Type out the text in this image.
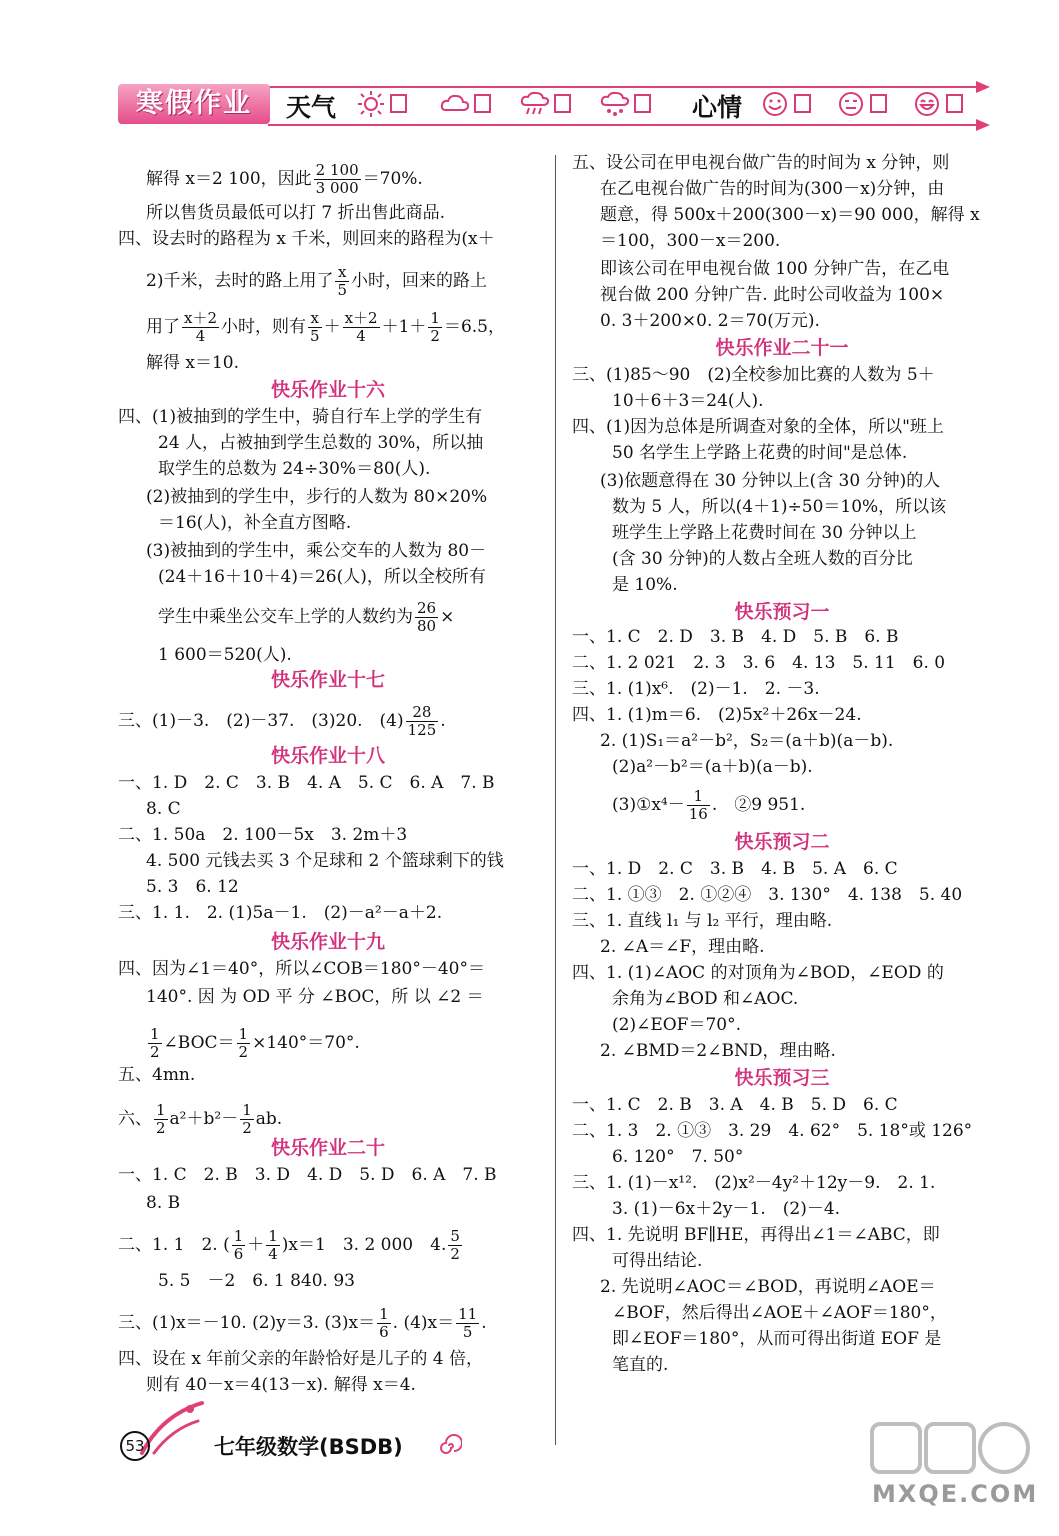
寒假作业	天气	心情
解得 x＝2 100，因此 $\frac{2 100}{3 000} =70\%$.
所以售货员最低可以打 7 折出售此商品.
四、设去时的路程为 x 千米，则回来的路程为(x＋
2)千米，去时的路上用了 $\frac{x}{5}$ 小时，回来的路上
用了 $\frac{x+2}{4}$ 小时，则有 $\frac{x}{5} + \frac{x+2}{4} +1+ \frac{1}{2} =6.5$，
解得 x＝10.
快乐作业十六
四、(1)被抽到的学生中，骑自行车上学的学生有
24 人，占被抽到学生总数的 30%，所以抽
取学生的总数为 24÷30%＝80(人).
(2)被抽到的学生中，步行的人数为 80×20%
＝16(人)，补全直方图略.
(3)被抽到的学生中，乘公交车的人数为 80－
(24＋16＋10＋4)＝26(人)，所以全校所有
学生中乘坐公交车上学的人数约为 $\frac{26}{80}$ ×
1 600＝520(人).
快乐作业十七
三、(1)－3.　(2)－37.　(3)20.　$(4) \frac{28}{125}$ .
快乐作业十八
一、1. D　2. C　3. B　4. A　5. C　6. A　7. B
8. C
二、1. 50a　2. 100－5x　3. 2m＋3
4. 500 元钱去买 3 个足球和 2 个篮球剩下的钱
5. 3　6. 12
三、1. 1.　2. (1)5a－1.　(2)－a²－a＋2.
快乐作业十九
四、因为∠1＝40°，所以∠COB＝180°－40°＝
140°. 因 为 OD 平 分 ∠BOC，所 以 ∠2 ＝
$\frac{1}{2}$ ∠BOC＝ $\frac{1}{2} \times 140^\circ=70^\circ$.
五、4mn.
六、 $\frac{1}{2} a^2+b^2- \frac{1}{2}$ ab.
快乐作业二十
一、1. C　2. B　3. D　4. D　5. D　6. A　7. B
8. B
二、1. 1　2. ( $\frac{1}{6} + \frac{1}{4} )x=1$　3. 2 000　4. $\frac{5}{2}$
5. 5　－2　6. 1 840. 93
三、(1)x＝－10. (2)y＝3. $(3)x= \frac{1}{6}$ . $(4)x= \frac{11}{5}$ .
四、设在 x 年前父亲的年龄恰好是儿子的 4 倍，
则有 40－x＝4(13－x). 解得 x＝4.
五、设公司在甲电视台做广告的时间为 x 分钟，则
在乙电视台做广告的时间为(300－x)分钟，由
题意，得 500x＋200(300－x)＝90 000，解得 x
＝100，300－x＝200.
即该公司在甲电视台做 100 分钟广告，在乙电
视台做 200 分钟广告. 此时公司收益为 100×
0. 3＋200×0. 2＝70(万元).
快乐作业二十一
三、(1)85～90　(2)全校参加比赛的人数为 5＋
10＋6＋3＝24(人).
四、(1)因为总体是所调查对象的全体，所以"班上
50 名学生上学路上花费的时间"是总体.
(3)依题意得在 30 分钟以上(含 30 分钟)的人
数为 5 人，所以(4＋1)÷50＝10%，所以该
班学生上学路上花费时间在 30 分钟以上
(含 30 分钟)的人数占全班人数的百分比
是 10%.
快乐预习一
一、1. C　2. D　3. B　4. D　5. B　6. B
二、1. 2 021　2. 3　3. 6　4. 13　5. 11　6. 0
三、1. (1)x⁶.　(2)－1.　2. －3.
四、1. (1)m＝6.　(2)5x²＋26x－24.
2. (1)S₁＝a²－b²，S₂＝(a＋b)(a－b).
(2)a²－b²＝(a＋b)(a－b).
(3)①x⁴－ $\frac{1}{16}$ .　②9 951.
快乐预习二
一、1. D　2. C　3. B　4. B　5. A　6. C
二、1. ①③　2. ①②④　3. 130°　4. 138　5. 40
三、1. 直线 l₁ 与 l₂ 平行，理由略.
2. ∠A＝∠F，理由略.
四、1. (1)∠AOC 的对顶角为∠BOD，∠EOD 的
余角为∠BOD 和∠AOC.
(2)∠EOF＝70°.
2. ∠BMD＝2∠BND，理由略.
快乐预习三
一、1. C　2. B　3. A　4. B　5. D　6. C
二、1. 3　2. ①③　3. 29　4. 62°　5. 18°或 126°
6. 120°　7. 50°
三、1. (1)－x¹².　(2)x²－4y²＋12y－9.　2. 1.
3. (1)－6x＋2y－1.　(2)－4.
四、1. 先说明 BF∥HE，再得出∠1＝∠ABC，即
可得出结论.
2. 先说明∠AOC＝∠BOD，再说明∠AOE＝
∠BOF，然后得出∠AOE＋∠AOF＝180°，
即∠EOF＝180°，从而可得出街道 EOF 是
笔直的.
53	七年级数学(BSDB)
MXQE.COM
